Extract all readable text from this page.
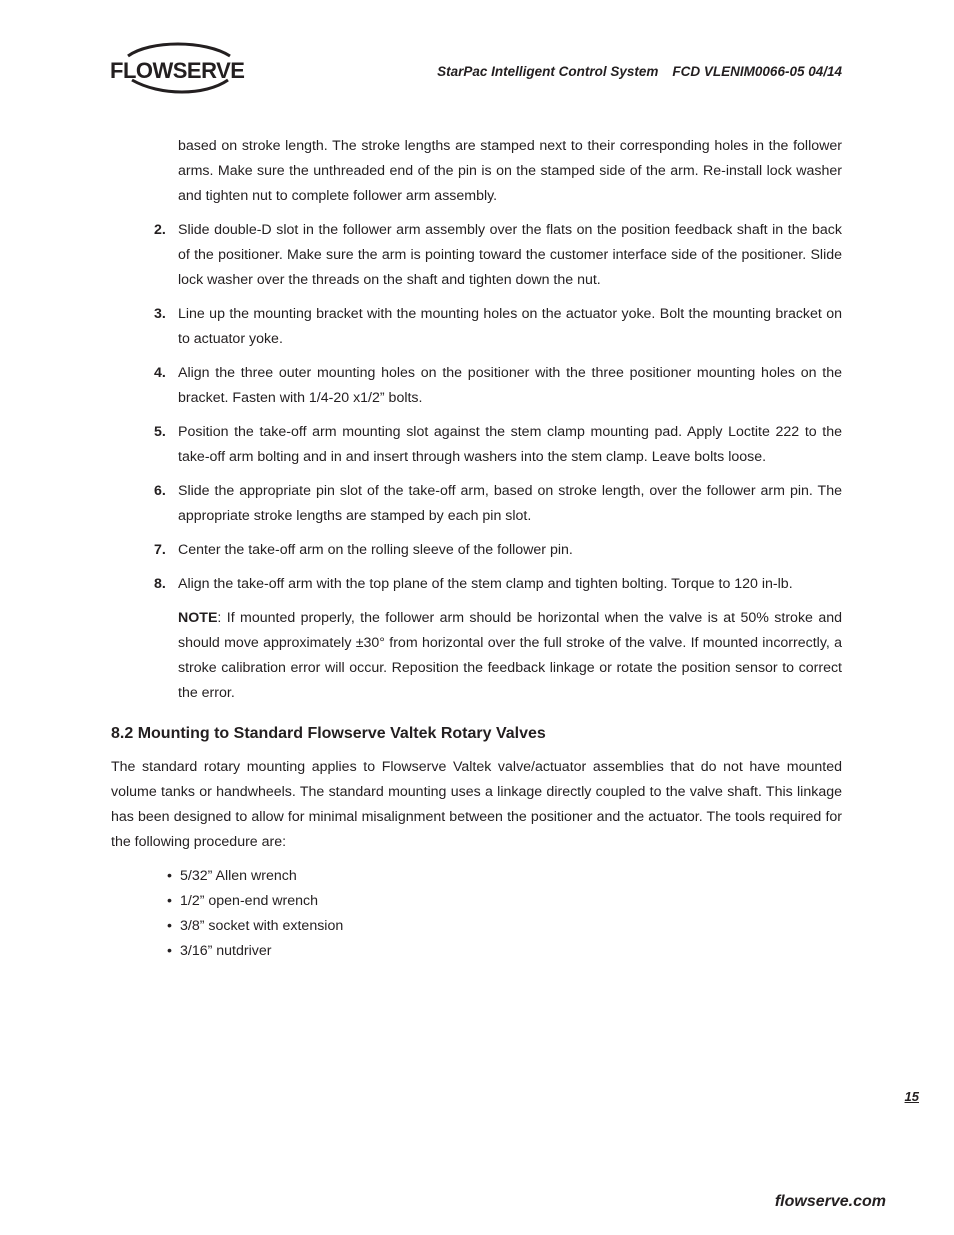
FLOWSERVE	StarPac Intelligent Control System FCD VLENIM0066-05 04/14

based on stroke length. The stroke lengths are stamped next to their corresponding holes in the follower arms. Make sure the unthreaded end of the pin is on the stamped side of the arm. Re-install lock washer and tighten nut to complete follower arm assembly.

2. Slide double-D slot in the follower arm assembly over the flats on the position feedback shaft in the back of the positioner. Make sure the arm is pointing toward the customer interface side of the positioner. Slide lock washer over the threads on the shaft and tighten down the nut.

3. Line up the mounting bracket with the mounting holes on the actuator yoke. Bolt the mounting bracket on to actuator yoke.

4. Align the three outer mounting holes on the positioner with the three positioner mounting holes on the bracket. Fasten with 1/4-20 x1/2” bolts.

5. Position the take-off arm mounting slot against the stem clamp mounting pad. Apply Loctite 222 to the take-off arm bolting and in and insert through washers into the stem clamp. Leave bolts loose.

6. Slide the appropriate pin slot of the take-off arm, based on stroke length, over the follower arm pin. The appropriate stroke lengths are stamped by each pin slot.

7. Center the take-off arm on the rolling sleeve of the follower pin.

8. Align the take-off arm with the top plane of the stem clamp and tighten bolting. Torque to 120 in-lb.

NOTE: If mounted properly, the follower arm should be horizontal when the valve is at 50% stroke and should move approximately ±30° from horizontal over the full stroke of the valve. If mounted incorrectly, a stroke calibration error will occur. Reposition the feedback linkage or rotate the position sensor to correct the error.

8.2 Mounting to Standard Flowserve Valtek Rotary Valves

The standard rotary mounting applies to Flowserve Valtek valve/actuator assemblies that do not have mounted volume tanks or handwheels. The standard mounting uses a linkage directly coupled to the valve shaft. This linkage has been designed to allow for minimal misalignment between the positioner and the actuator. The tools required for the following procedure are:

• 5/32” Allen wrench
• 1/2” open-end wrench
• 3/8” socket with extension
• 3/16” nutdriver
15
flowserve.com
